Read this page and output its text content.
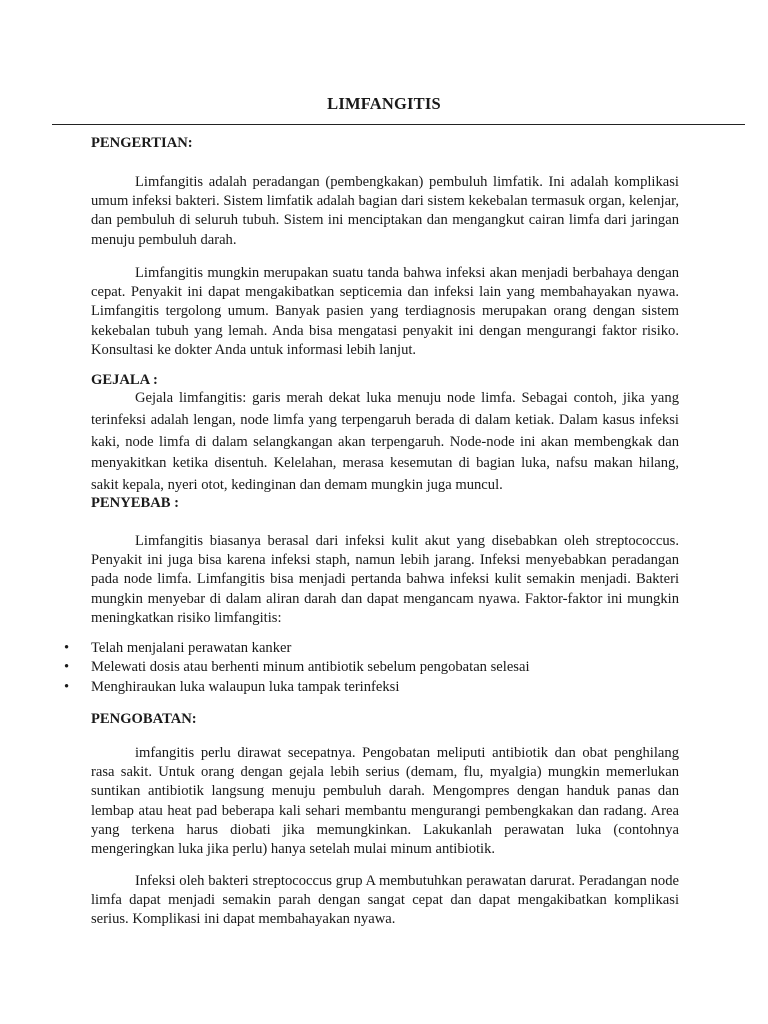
LIMFANGITIS
PENGERTIAN:
Limfangitis adalah peradangan (pembengkakan) pembuluh limfatik. Ini adalah komplikasi umum infeksi bakteri. Sistem limfatik adalah bagian dari sistem kekebalan termasuk organ, kelenjar, dan pembuluh di seluruh tubuh. Sistem ini menciptakan dan mengangkut cairan limfa dari jaringan menuju pembuluh darah.
Limfangitis mungkin merupakan suatu tanda bahwa infeksi akan menjadi berbahaya dengan cepat. Penyakit ini dapat mengakibatkan septicemia dan infeksi lain yang membahayakan nyawa. Limfangitis tergolong umum. Banyak pasien yang terdiagnosis merupakan orang dengan sistem kekebalan tubuh yang lemah. Anda bisa mengatasi penyakit ini dengan mengurangi faktor risiko. Konsultasi ke dokter Anda untuk informasi lebih lanjut.
GEJALA :
Gejala limfangitis: garis merah dekat luka menuju node limfa. Sebagai contoh, jika yang terinfeksi adalah lengan, node limfa yang terpengaruh berada di dalam ketiak. Dalam kasus infeksi kaki, node limfa di dalam selangkangan akan terpengaruh. Node-node ini akan membengkak dan menyakitkan ketika disentuh. Kelelahan, merasa kesemutan di bagian luka, nafsu makan hilang, sakit kepala, nyeri otot, kedinginan dan demam mungkin juga muncul.
PENYEBAB :
Limfangitis biasanya berasal dari infeksi kulit akut yang disebabkan oleh streptococcus. Penyakit ini juga bisa karena infeksi staph, namun lebih jarang. Infeksi menyebabkan peradangan pada node limfa. Limfangitis bisa menjadi pertanda bahwa infeksi kulit semakin menjadi. Bakteri mungkin menyebar di dalam aliran darah dan dapat mengancam nyawa. Faktor-faktor ini mungkin meningkatkan risiko limfangitis:
• Telah menjalani perawatan kanker
• Melewati dosis atau berhenti minum antibiotik sebelum pengobatan selesai
• Menghiraukan luka walaupun luka tampak terinfeksi
PENGOBATAN:
imfangitis perlu dirawat secepatnya. Pengobatan meliputi antibiotik dan obat penghilang rasa sakit. Untuk orang dengan gejala lebih serius (demam, flu, myalgia) mungkin memerlukan suntikan antibiotik langsung menuju pembuluh darah. Mengompres dengan handuk panas dan lembap atau heat pad beberapa kali sehari membantu mengurangi pembengkakan dan radang. Area yang terkena harus diobati jika memungkinkan. Lakukanlah perawatan luka (contohnya mengeringkan luka jika perlu) hanya setelah mulai minum antibiotik.
Infeksi oleh bakteri streptococcus grup A membutuhkan perawatan darurat. Peradangan node limfa dapat menjadi semakin parah dengan sangat cepat dan dapat mengakibatkan komplikasi serius. Komplikasi ini dapat membahayakan nyawa.
